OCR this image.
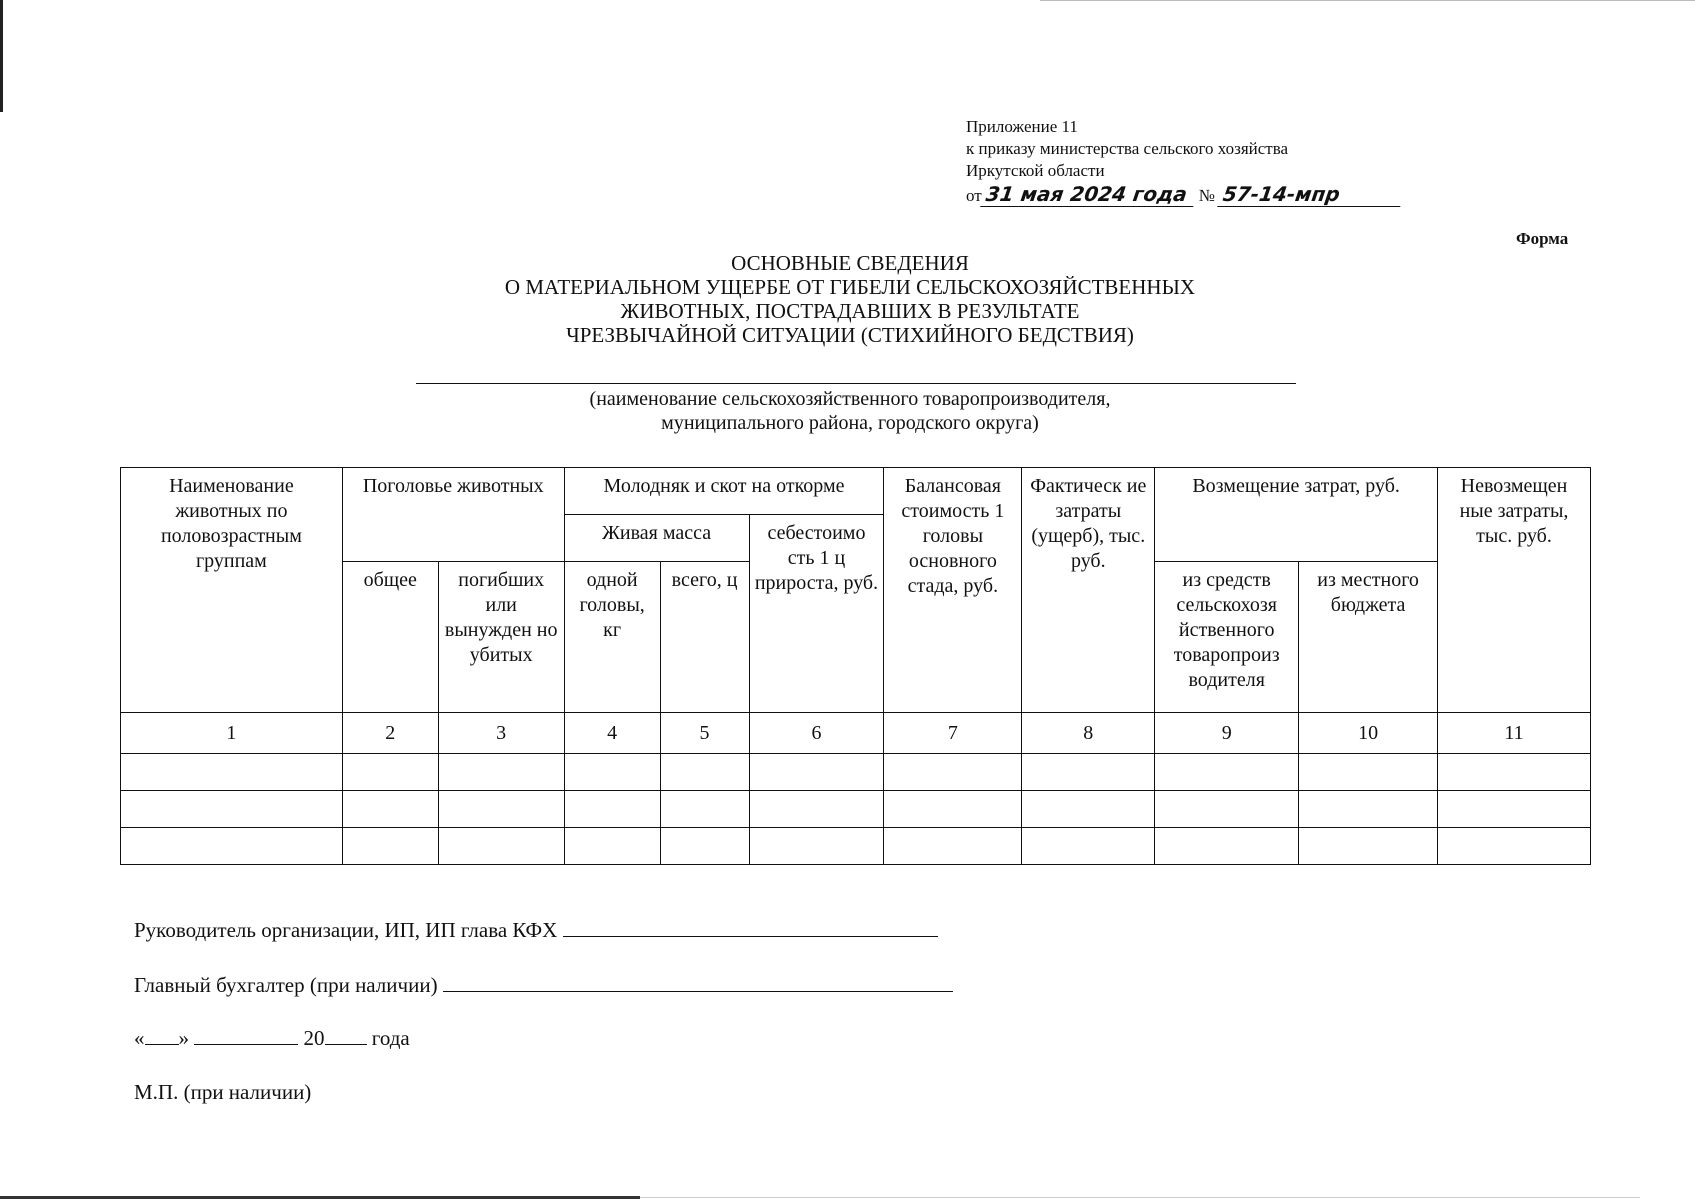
Приложение 11
к приказу министерства сельского хозяйства
Иркутской области
от 31 мая 2024 года № 57-14-мпр
Форма
ОСНОВНЫЕ СВЕДЕНИЯ
О МАТЕРИАЛЬНОМ УЩЕРБЕ ОТ ГИБЕЛИ СЕЛЬСКОХОЗЯЙСТВЕННЫХ
ЖИВОТНЫХ, ПОСТРАДАВШИХ В РЕЗУЛЬТАТЕ
ЧРЕЗВЫЧАЙНОЙ СИТУАЦИИ (СТИХИЙНОГО БЕДСТВИЯ)
(наименование сельскохозяйственного товаропроизводителя,
муниципального района, городского округа)
Наименование животных по половозрастным группам	Поголовье животных		Молодняк и скот на откорме			Балансовая стоимость 1 головы основного стада, руб.	Фактическ ие затраты (ущерб), тыс. руб.	Возмещение затрат, руб.		Невозмещен ные затраты, тыс. руб.
			Живая масса		себестоимо сть 1 ц прироста, руб.					
	общее	погибших или вынужден но убитых	одной головы, кг	всего, ц				из средств сельскохозя йственного товаропроиз водителя	из местного бюджета	
1	2	3	4	5	6	7	8	9	10	11

Руководитель организации, ИП, ИП глава КФХ
Главный бухгалтер (при наличии)
« »	20 года
М.П. (при наличии)
